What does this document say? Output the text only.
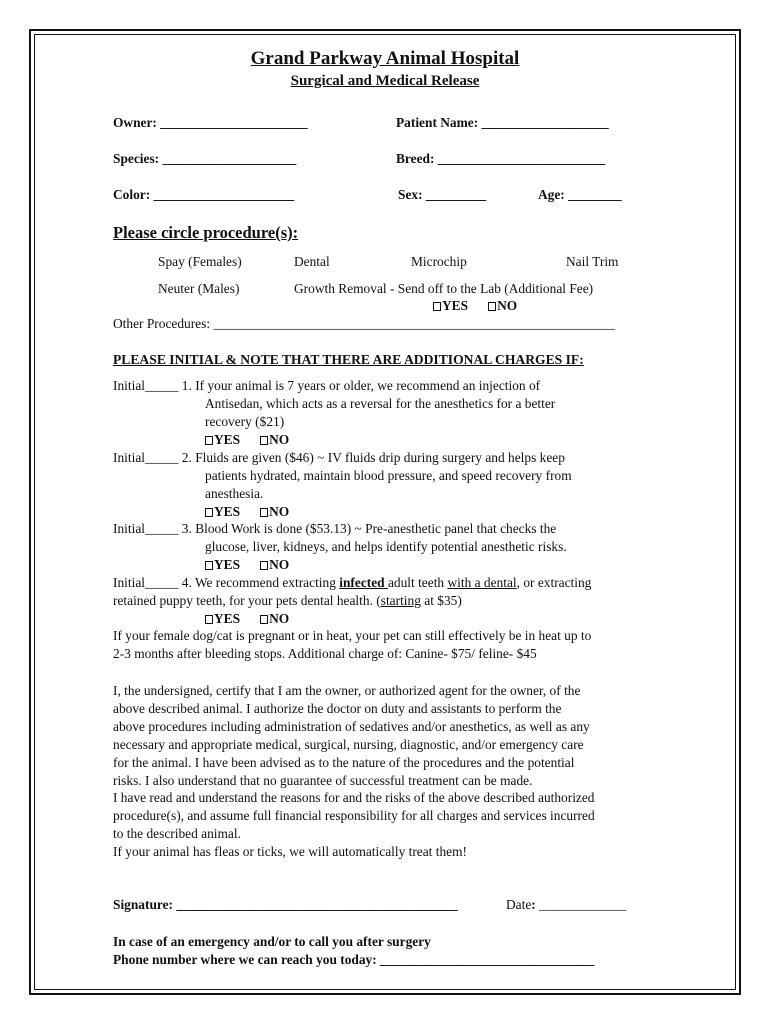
Grand Parkway Animal Hospital
Surgical and Medical Release
Owner: ______________________	Patient Name: ___________________
Species: ____________________	Breed: _________________________
Color: _____________________	Sex: _________	Age: ________
Please circle procedure(s):
Spay (Females)	Dental	Microchip	Nail Trim
Neuter (Males)	Growth Removal - Send off to the Lab (Additional Fee)
YES NO
Other Procedures: ____________________________________________________________
PLEASE INITIAL & NOTE THAT THERE ARE ADDITIONAL CHARGES IF:
Initial_____ 1. If your animal is 7 years or older, we recommend an injection of
Antisedan, which acts as a reversal for the anesthetics for a better
recovery ($21)
YES NO
Initial_____ 2. Fluids are given ($46) ~ IV fluids drip during surgery and helps keep
patients hydrated, maintain blood pressure, and speed recovery from
anesthesia.
YES NO
Initial_____ 3. Blood Work is done ($53.13) ~ Pre-anesthetic panel that checks the
glucose, liver, kidneys, and helps identify potential anesthetic risks.
YES NO
Initial_____ 4. We recommend extracting infected adult teeth with a dental, or extracting
retained puppy teeth, for your pets dental health. (starting at $35)
YES NO
If your female dog/cat is pregnant or in heat, your pet can still effectively be in heat up to
2-3 months after bleeding stops. Additional charge of: Canine- $75/ feline- $45
I, the undersigned, certify that I am the owner, or authorized agent for the owner, of the
above described animal. I authorize the doctor on duty and assistants to perform the
above procedures including administration of sedatives and/or anesthetics, as well as any
necessary and appropriate medical, surgical, nursing, diagnostic, and/or emergency care
for the animal. I have been advised as to the nature of the procedures and the potential
risks. I also understand that no guarantee of successful treatment can be made.
I have read and understand the reasons for and the risks of the above described authorized
procedure(s), and assume full financial responsibility for all charges and services incurred
to the described animal.
If your animal has fleas or ticks, we will automatically treat them!
Signature: __________________________________________	Date: _____________
In case of an emergency and/or to call you after surgery
Phone number where we can reach you today: ________________________________
